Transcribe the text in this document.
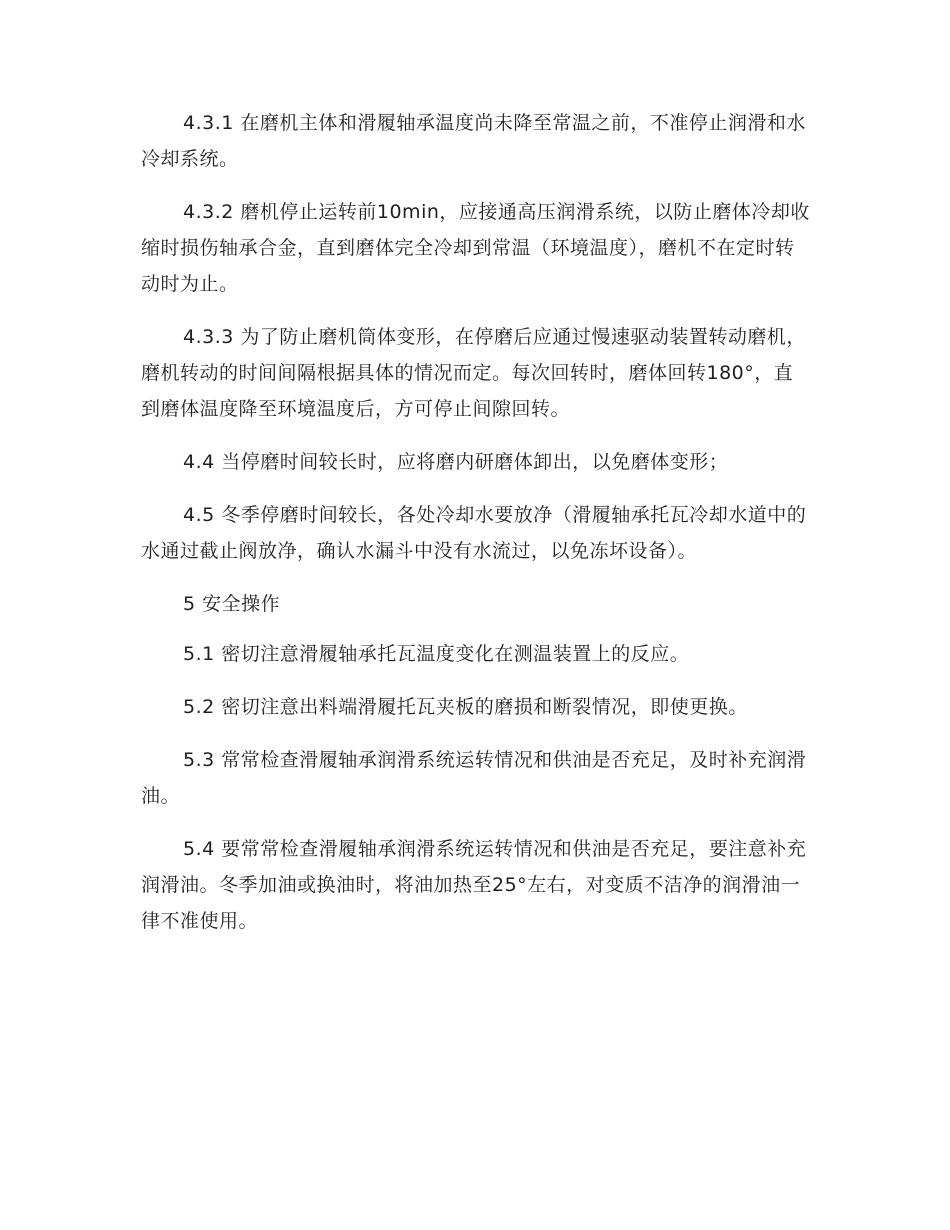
4.3.1 在磨机主体和滑履轴承温度尚未降至常温之前，不准停止润滑和水冷却系统。

4.3.2 磨机停止运转前10min，应接通高压润滑系统，以防止磨体冷却收缩时损伤轴承合金，直到磨体完全冷却到常温（环境温度），磨机不在定时转动时为止。

4.3.3 为了防止磨机筒体变形，在停磨后应通过慢速驱动装置转动磨机，磨机转动的时间间隔根据具体的情况而定。每次回转时，磨体回转180°，直到磨体温度降至环境温度后，方可停止间隙回转。

4.4 当停磨时间较长时，应将磨内研磨体卸出，以免磨体变形；

4.5 冬季停磨时间较长，各处冷却水要放净（滑履轴承托瓦冷却水道中的水通过截止阀放净，确认水漏斗中没有水流过，以免冻坏设备）。

5 安全操作

5.1 密切注意滑履轴承托瓦温度变化在测温装置上的反应。

5.2 密切注意出料端滑履托瓦夹板的磨损和断裂情况，即使更换。

5.3 常常检查滑履轴承润滑系统运转情况和供油是否充足，及时补充润滑油。

5.4 要常常检查滑履轴承润滑系统运转情况和供油是否充足，要注意补充润滑油。冬季加油或换油时，将油加热至25°左右，对变质不洁净的润滑油一律不准使用。
